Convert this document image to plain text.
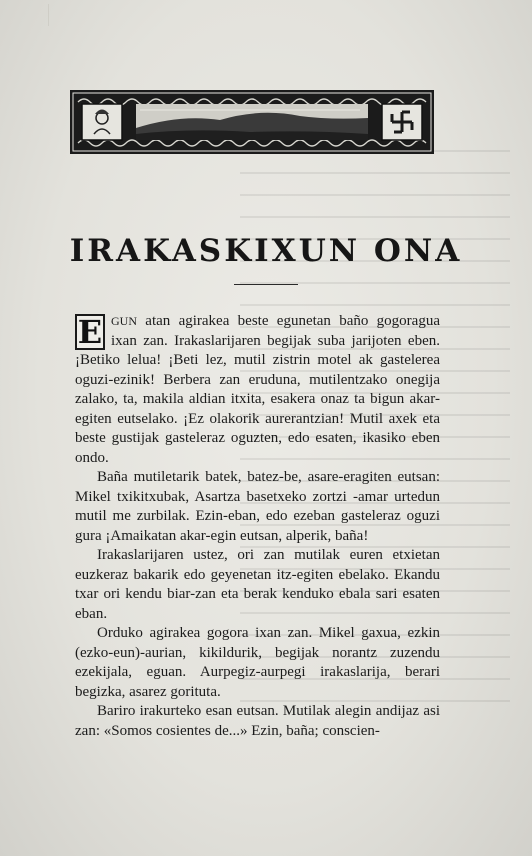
IRAKASKIXUN ONA

E GUN atan agirakea beste egunetan baño gogoragua ixan zan. Irakaslarijaren begijak suba jarijoten eben. ¡Betiko lelua! ¡Beti lez, mutil zistrin motel ak gastelerea oguzi-ezinik! Berbera zan eruduna, mutilentzako onegija zalako, ta, makila aldian itxita, esakera onaz ta bigun akar-egiten eutselako. ¡Ez olakorik aurerantzian! Mutil axek eta beste gustijak gasteleraz oguzten, edo esaten, ikasiko eben ondo.

Baña mutiletarik batek, batez-be, asare-eragiten eutsan: Mikel txikitxubak, Asartza basetxeko zortzi -amar urtedun mutil me zurbilak. Ezin-eban, edo ezeban gasteleraz oguzi gura ¡Amaikatan akar-egin eutsan, alperik, baña!

Irakaslarijaren ustez, ori zan mutilak euren etxietan euzkeraz bakarik edo geyenetan itz-egiten ebelako. Ekandu txar ori kendu biar-zan eta berak kenduko ebala sari esaten eban.

Orduko agirakea gogora ixan zan. Mikel gaxua, ezkin (ezko-eun)-aurian, kikildurik, begijak norantz zuzendu ezekijala, eguan. Aurpegiz-aurpegi irakaslarija, berari begizka, asarez gorituta.

Bariro irakurteko esan eutsan. Mutilak alegin andijaz asi zan: «Somos cosientes de...» Ezin, baña; conscien-
